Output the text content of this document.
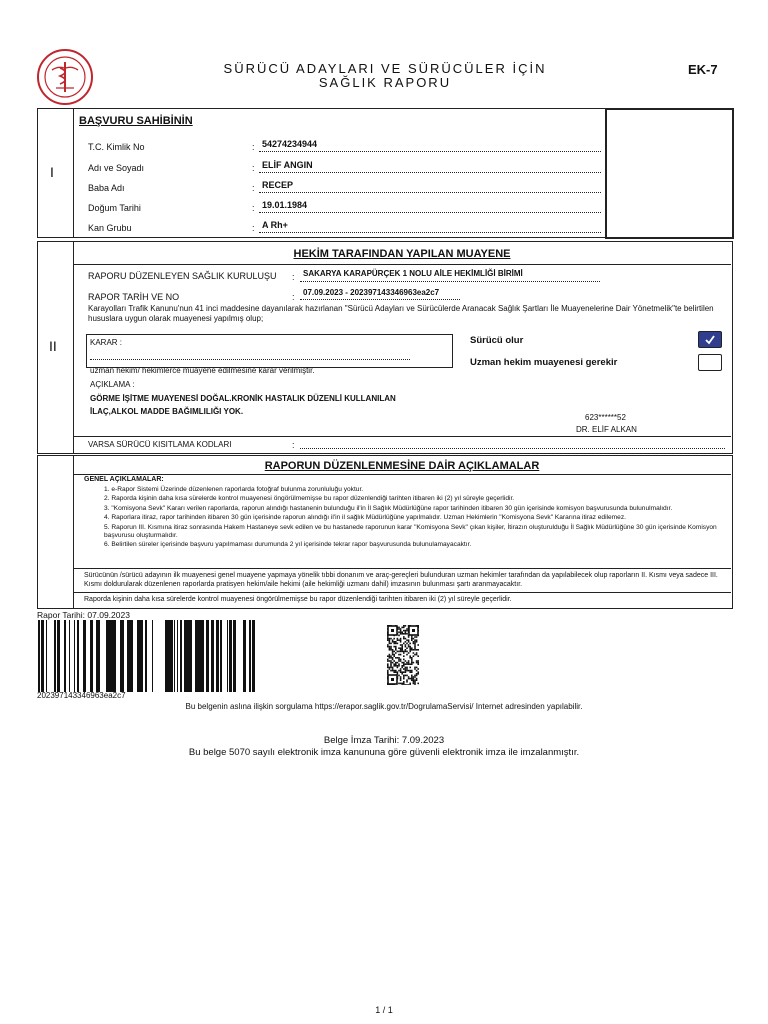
SÜRÜCÜ ADAYLARI VE SÜRÜCÜLER İÇİN
SAĞLIK RAPORU
EK-7
I
BAŞVURU SAHİBİNİN
T.C. Kimlik No	: 54274234944
Adı ve Soyadı	: ELİF ANGIN
Baba Adı	: RECEP
Doğum Tarihi	: 19.01.1984
Kan Grubu	: A Rh+
II
HEKİM TARAFINDAN YAPILAN MUAYENE
RAPORU DÜZENLEYEN SAĞLIK KURULUŞU : SAKARYA KARAPÜRÇEK 1 NOLU AİLE HEKİMLİĞİ BİRİMİ
RAPOR TARİH VE NO	: 07.09.2023 - 202397143346963ea2c7
Karayolları Trafik Kanunu'nun 41 inci maddesine dayanılarak hazırlanan "Sürücü Adayları ve Sürücülerde Aranacak Sağlık Şartları İle Muayenelerine Dair Yönetmelik"te belirtilen hususlara uygun olarak muayenesi yapılmış olup;
KARAR :
uzman hekim/ hekimlerce muayene edilmesine karar verilmiştir.
AÇIKLAMA :
GÖRME İŞİTME MUAYENESİ DOĞAL.KRONİK HASTALIK DÜZENLİ KULLANILAN
İLAÇ,ALKOL MADDE BAĞIMLILIĞI YOK.
Sürücü olur
Uzman hekim muayenesi gerekir
623******52
DR. ELİF ALKAN
VARSA SÜRÜCÜ KISITLAMA KODLARI	:
RAPORUN DÜZENLENMESİNE DAİR AÇIKLAMALAR
GENEL AÇIKLAMALAR:
1. e-Rapor Sistemi Üzerinde düzenlenen raporlarda fotoğraf bulunma zorunluluğu yoktur.
2. Raporda kişinin daha kısa sürelerde kontrol muayenesi öngörülmemişse bu rapor düzenlendiği tarihten itibaren iki (2) yıl süreyle geçerlidir.
3. "Komisyona Sevk" Kararı verilen raporlarda, raporun alındığı hastanenin bulunduğu il'in İl Sağlık Müdürlüğüne rapor tarihinden itibaren 30 gün içerisinde komisyon başvurusunda bulunulmalıdır.
4. Raporlara itiraz, rapor tarihinden itibaren 30 gün içerisinde raporun alındığı il'in il sağlık Müdürlüğüne yapılmalıdır. Uzman Hekimlerin "Komisyona Sevk" Kararına itiraz edilemez.
5. Raporun III. Kısmına itiraz sonrasında Hakem Hastaneye sevk edilen ve bu hastanede raporunun karar "Komisyona Sevk" çıkan kişiler, İtirazın oluşturulduğu İl Sağlık Müdürlüğüne 30 gün içerisinde Komisyon başvurusu oluşturmalıdır.
6. Belirtilen süreler içerisinde başvuru yapılmaması durumunda 2 yıl içerisinde tekrar rapor başvurusunda bulunulamayacaktır.
Sürücünün /sürücü adayının ilk muayenesi genel muayene yapmaya yönelik tıbbi donanım ve araç-gereçleri bulunduran uzman hekimler tarafından da yapılabilecek olup raporların II. Kısmı veya sadece III. Kısmı doldurularak düzenlenen raporlarda pratisyen hekim/aile hekimi (aile hekimliği uzmanı dahil) imzasının bulunması şartı aranmayacaktır.
Raporda kişinin daha kısa sürelerde kontrol muayenesi öngörülmemişse bu rapor düzenlendiği tarihten itibaren iki (2) yıl süreyle geçerlidir.
Rapor Tarihi: 07.09.2023
202397143346963ea2c7
Bu belgenin aslına ilişkin sorgulama https://erapor.saglik.gov.tr/DogrulamaServisi/ Internet adresinden yapılabilir.
Belge İmza Tarihi: 7.09.2023
Bu belge 5070 sayılı elektronik imza kanununa göre güvenli elektronik imza ile imzalanmıştır.
1 / 1
